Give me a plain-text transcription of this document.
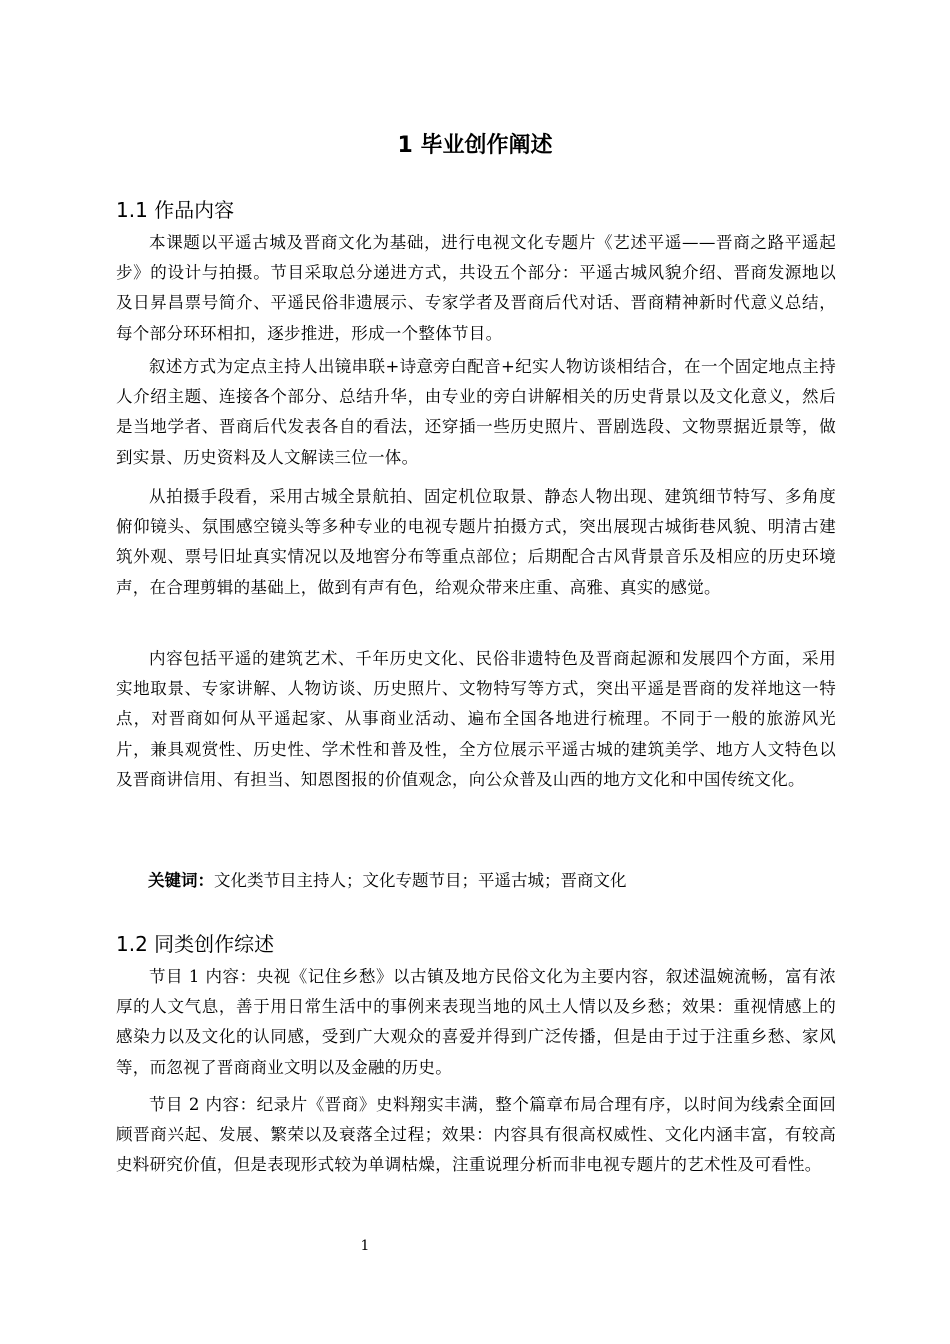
1 毕业创作阐述
1.1 作品内容

本课题以平遥古城及晋商文化为基础，进行电视文化专题片《艺述平遥——晋商之路平遥起步》的设计与拍摄。节目采取总分递进方式，共设五个部分：平遥古城风貌介绍、晋商发源地以及日昇昌票号简介、平遥民俗非遗展示、专家学者及晋商后代对话、晋商精神新时代意义总结，每个部分环环相扣，逐步推进，形成一个整体节目。

叙述方式为定点主持人出镜串联+诗意旁白配音+纪实人物访谈相结合，在一个固定地点主持人介绍主题、连接各个部分、总结升华，由专业的旁白讲解相关的历史背景以及文化意义，然后是当地学者、晋商后代发表各自的看法，还穿插一些历史照片、晋剧选段、文物票据近景等，做到实景、历史资料及人文解读三位一体。

从拍摄手段看，采用古城全景航拍、固定机位取景、静态人物出现、建筑细节特写、多角度俯仰镜头、氛围感空镜头等多种专业的电视专题片拍摄方式，突出展现古城街巷风貌、明清古建筑外观、票号旧址真实情况以及地窖分布等重点部位；后期配合古风背景音乐及相应的历史环境声，在合理剪辑的基础上，做到有声有色，给观众带来庄重、高雅、真实的感觉。

内容包括平遥的建筑艺术、千年历史文化、民俗非遗特色及晋商起源和发展四个方面，采用实地取景、专家讲解、人物访谈、历史照片、文物特写等方式，突出平遥是晋商的发祥地这一特点，对晋商如何从平遥起家、从事商业活动、遍布全国各地进行梳理。不同于一般的旅游风光片，兼具观赏性、历史性、学术性和普及性，全方位展示平遥古城的建筑美学、地方人文特色以及晋商讲信用、有担当、知恩图报的价值观念，向公众普及山西的地方文化和中国传统文化。

关键词：文化类节目主持人；文化专题节目；平遥古城；晋商文化

1.2 同类创作综述

节目 1 内容：央视《记住乡愁》以古镇及地方民俗文化为主要内容，叙述温婉流畅，富有浓厚的人文气息，善于用日常生活中的事例来表现当地的风土人情以及乡愁；效果：重视情感上的感染力以及文化的认同感，受到广大观众的喜爱并得到广泛传播，但是由于过于注重乡愁、家风等，而忽视了晋商商业文明以及金融的历史。

节目 2 内容：纪录片《晋商》史料翔实丰满，整个篇章布局合理有序，以时间为线索全面回顾晋商兴起、发展、繁荣以及衰落全过程；效果：内容具有很高权威性、文化内涵丰富，有较高史料研究价值，但是表现形式较为单调枯燥，注重说理分析而非电视专题片的艺术性及可看性。

1
